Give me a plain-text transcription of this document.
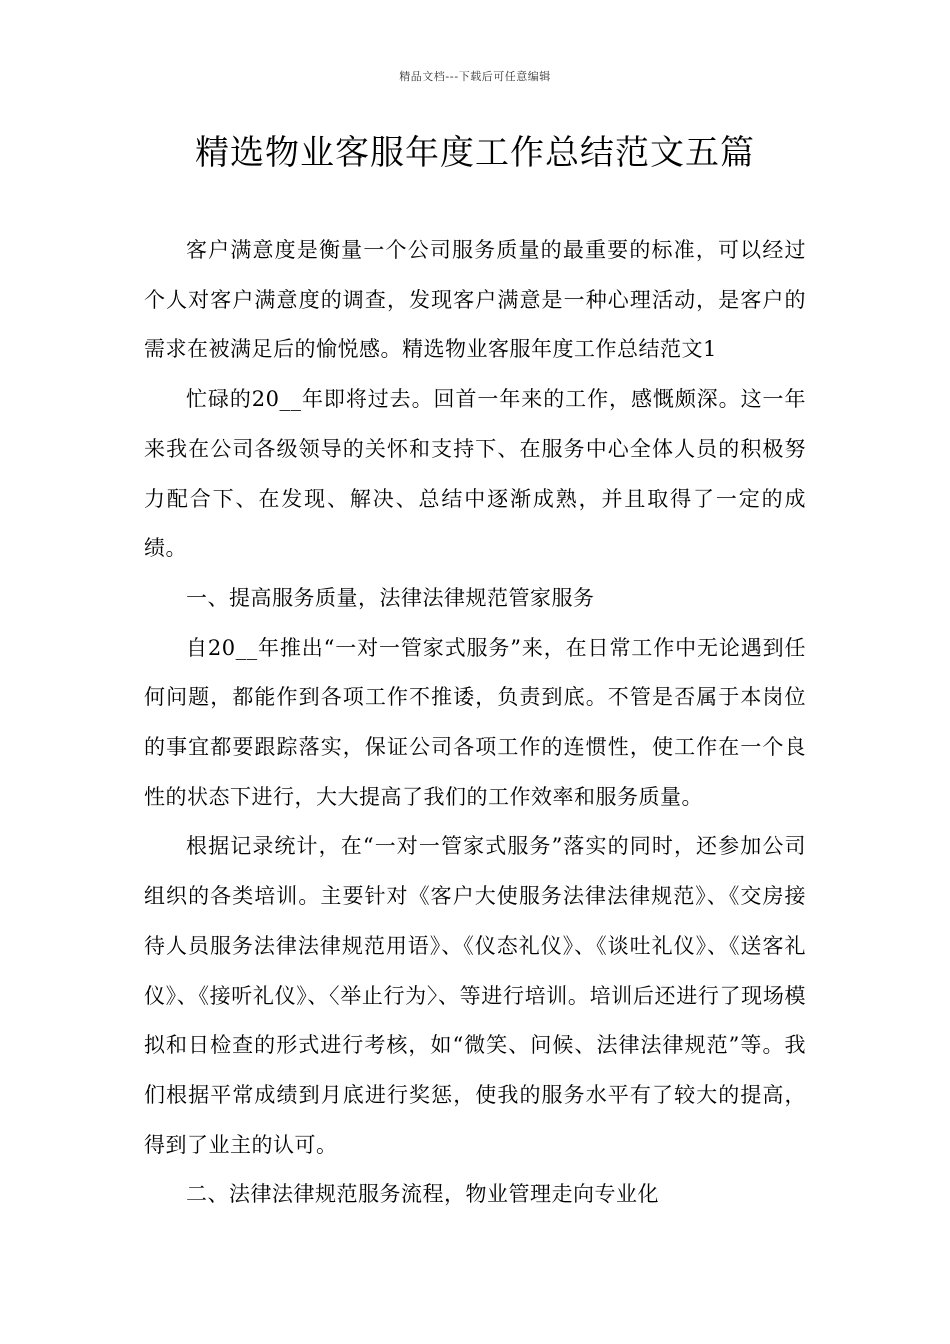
精品文档---下载后可任意编辑
精选物业客服年度工作总结范文五篇

客户满意度是衡量一个公司服务质量的最重要的标准，可以经过个人对客户满意度的调查，发现客户满意是一种心理活动，是客户的需求在被满足后的愉悦感。精选物业客服年度工作总结范文1

忙碌的20__年即将过去。回首一年来的工作，感慨颇深。这一年来我在公司各级领导的关怀和支持下、在服务中心全体人员的积极努力配合下、在发现、解决、总结中逐渐成熟，并且取得了一定的成绩。

一、提高服务质量，法律法律规范管家服务

自20__年推出“一对一管家式服务”来，在日常工作中无论遇到任何问题，都能作到各项工作不推诿，负责到底。不管是否属于本岗位的事宜都要跟踪落实，保证公司各项工作的连惯性，使工作在一个良性的状态下进行，大大提高了我们的工作效率和服务质量。

根据记录统计，在“一对一管家式服务”落实的同时，还参加公司组织的各类培训。主要针对《客户大使服务法律法律规范》、《交房接待人员服务法律法律规范用语》、《仪态礼仪》、《谈吐礼仪》、《送客礼仪》、《接听礼仪》、〈举止行为〉、等进行培训。培训后还进行了现场模拟和日检查的形式进行考核，如“微笑、问候、法律法律规范”等。我们根据平常成绩到月底进行奖惩，使我的服务水平有了较大的提高，得到了业主的认可。

二、法律法律规范服务流程，物业管理走向专业化
